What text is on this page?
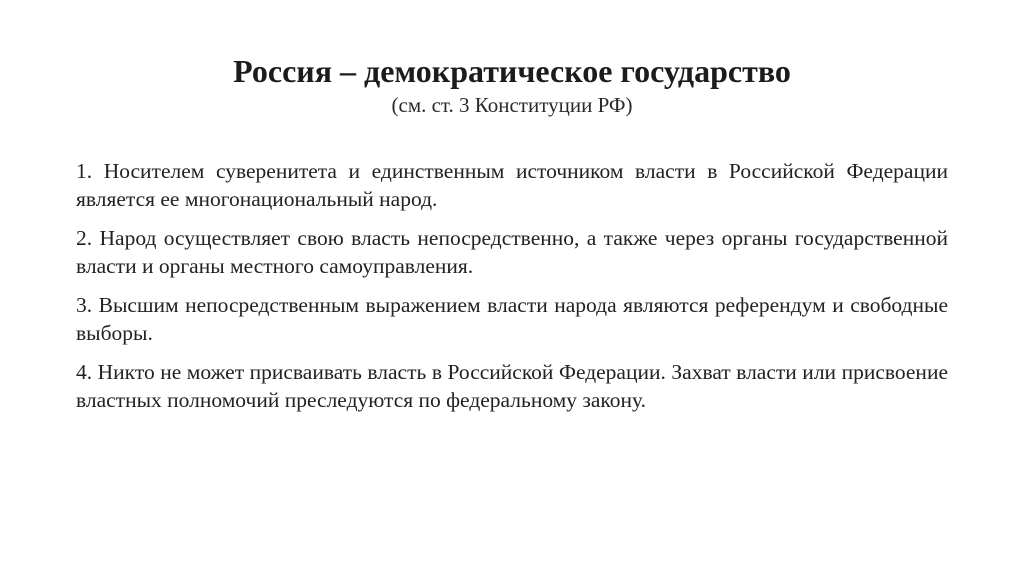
Россия – демократическое государство
(см. ст. 3 Конституции РФ)

1. Носителем суверенитета и единственным источником власти в Российской Федерации является ее многонациональный народ.

2. Народ осуществляет свою власть непосредственно, а также через органы государственной власти и органы местного самоуправления.

3. Высшим непосредственным выражением власти народа являются референдум и свободные выборы.

4. Никто не может присваивать власть в Российской Федерации. Захват власти или присвоение властных полномочий преследуются по федеральному закону.
